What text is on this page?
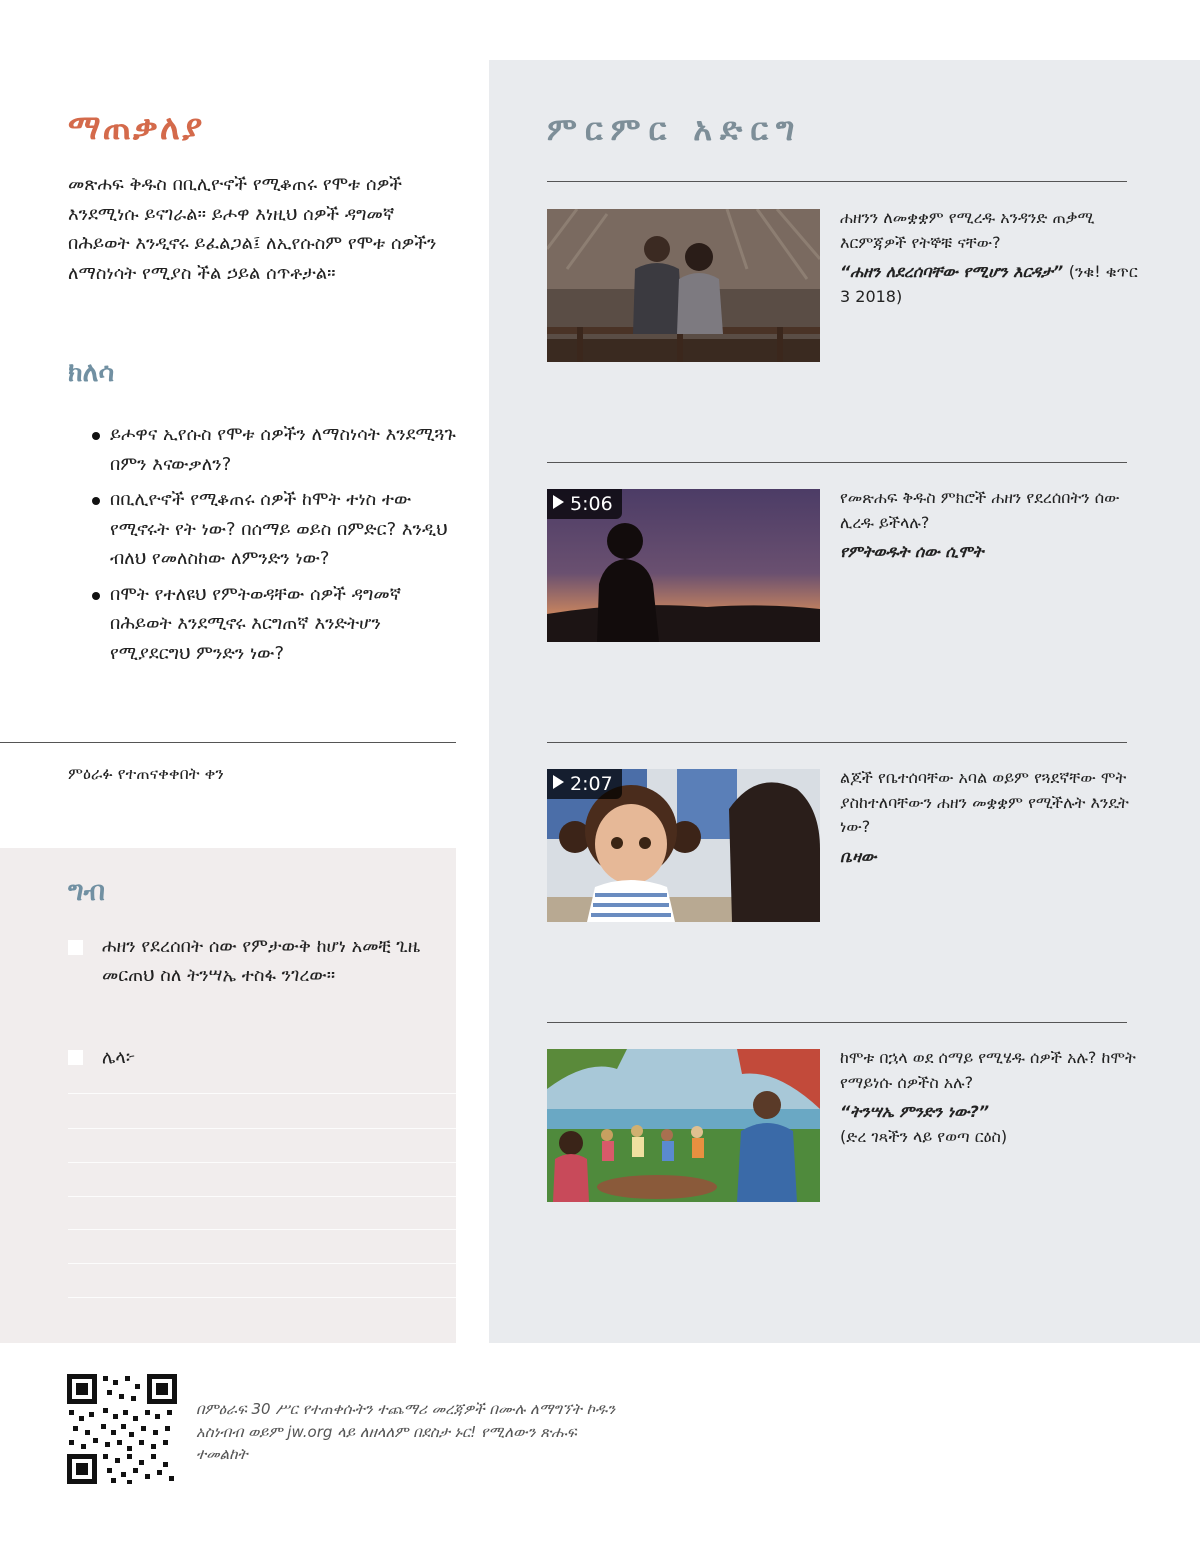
ማጠቃለያ

መጽሐፍ ቅዱስ በቢሊዮኖች የሚቆጠሩ የሞቱ ሰዎች እንደሚነሱ ይናገራል። ይሖዋ እነዚህ ሰዎች ዳግመኛ በሕይወት እንዲኖሩ ይፈልጋል፤ ለኢየሱስም የሞቱ ሰዎችን ለማስነሳት የሚያስ ችል ኃይል ሰጥቶታል።

ክለሳ
ይሖዋና ኢየሱስ የሞቱ ሰዎችን ለማስነሳት እንደሚጓጉ በምን እናውቃለን?
በቢሊዮኖች የሚቆጠሩ ሰዎች ከሞት ተነስ ተው የሚኖሩት የት ነው? በሰማይ ወይስ በምድር? እንዲህ ብለህ የመለስከው ለምንድን ነው?
በሞት የተለዩህ የምትወዳቸው ሰዎች ዳግመኛ በሕይወት እንደሚኖሩ እርግጠኛ እንድትሆን የሚያደርግህ ምንድን ነው?
ምዕራፉ የተጠናቀቀበት ቀን
ግብ
ሐዘን የደረሰበት ሰው የምታውቅ ከሆነ አመቺ ጊዜ መርጠህ ስለ ትንሣኤ ተስፋ ንገረው።
ሌላ፦
ምርምር አድርግ

ሐዘንን ለመቋቋም የሚረዱ አንዳንድ ጠቃሚ እርምጃዎች የትኞቹ ናቸው?

“ሐዘን ለደረሰባቸው የሚሆን እርዳታ” (ንቁ! ቁጥር 3 2018)

5:06	የመጽሐፍ ቅዱስ ምክሮች ሐዘን የደረሰበትን ሰው ሊረዱ ይችላሉ?

የምትወዱት ሰው ሲሞት

2:07	ልጆች የቤተሰባቸው አባል ወይም የጓደኛቸው ሞት ያስከተለባቸውን ሐዘን መቋቋም የሚችሉት እንዴት ነው?

ቤዛው

ከሞቱ በኋላ ወደ ሰማይ የሚሄዱ ሰዎች አሉ? ከሞት የማይነሱ ሰዎችስ አሉ?

“ትንሣኤ ምንድን ነው?”

(ድረ ገጻችን ላይ የወጣ ርዕስ)

በምዕራፍ 30 ሥር የተጠቀሱትን ተጨማሪ መረጃዎች በሙሉ ለማግኘት ኮዱን አስነብብ ወይም jw.org ላይ ለዘላለም በደስታ ኑር! የሚለውን ጽሑፍ ተመልከት
